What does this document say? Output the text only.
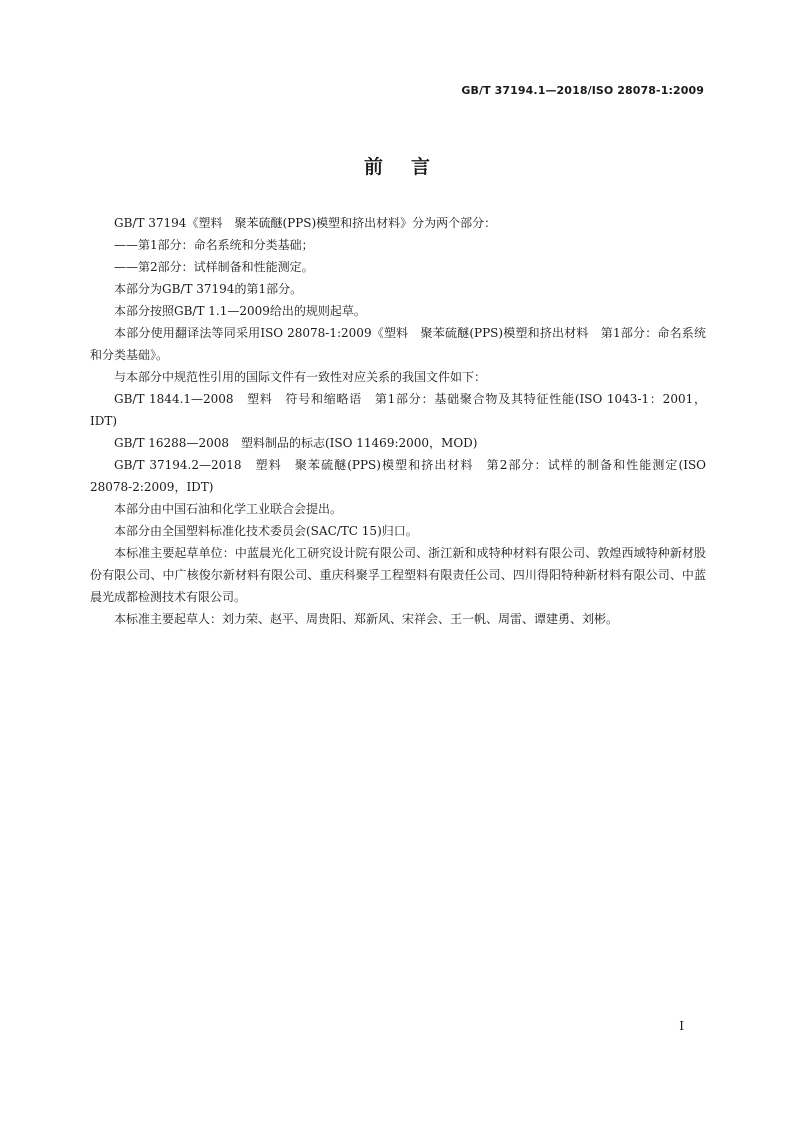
GB/T 37194.1—2018/ISO 28078-1:2009
前言

GB/T 37194《塑料　聚苯硫醚(PPS)模塑和挤出材料》分为两个部分：

——第1部分：命名系统和分类基础；

——第2部分：试样制备和性能测定。

本部分为GB/T 37194的第1部分。

本部分按照GB/T 1.1—2009给出的规则起草。

本部分使用翻译法等同采用ISO 28078-1:2009《塑料　聚苯硫醚(PPS)模塑和挤出材料　第1部分：命名系统和分类基础》。

与本部分中规范性引用的国际文件有一致性对应关系的我国文件如下：

GB/T 1844.1—2008　塑料　符号和缩略语　第1部分：基础聚合物及其特征性能(ISO 1043-1：2001，IDT)

GB/T 16288—2008　塑料制品的标志(ISO 11469:2000，MOD)

GB/T 37194.2—2018　塑料　聚苯硫醚(PPS)模塑和挤出材料　第2部分：试样的制备和性能测定(ISO 28078-2:2009，IDT)

本部分由中国石油和化学工业联合会提出。

本部分由全国塑料标准化技术委员会(SAC/TC 15)归口。

本标准主要起草单位：中蓝晨光化工研究设计院有限公司、浙江新和成特种材料有限公司、敦煌西域特种新材股份有限公司、中广核俊尔新材料有限公司、重庆科聚孚工程塑料有限责任公司、四川得阳特种新材料有限公司、中蓝晨光成都检测技术有限公司。

本标准主要起草人：刘力荣、赵平、周贵阳、郑新风、宋祥会、王一帆、周雷、谭建勇、刘彬。

I
